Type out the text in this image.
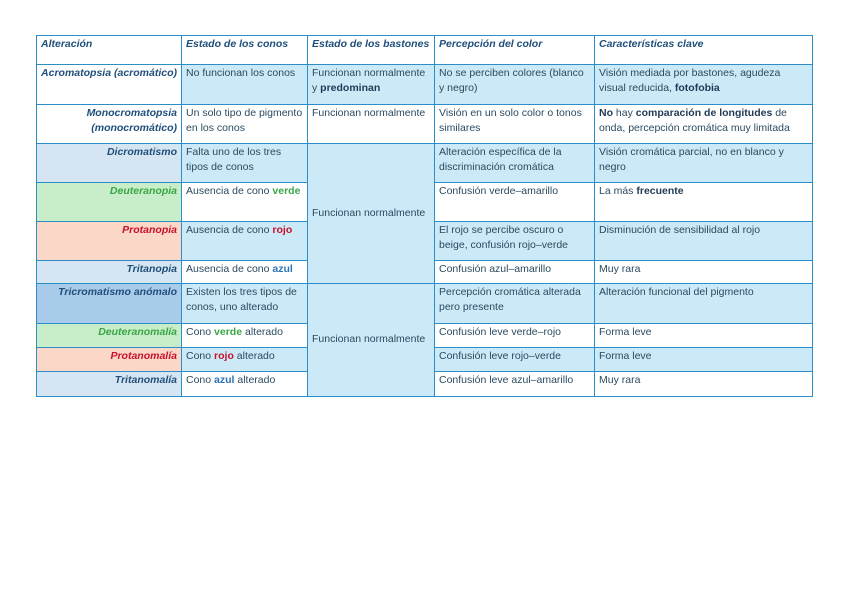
Alteración	Estado de los conos	Estado de los bastones	Percepción del color	Características clave
Acromatopsia (acromático)	No funcionan los conos	Funcionan normalmente y predominan	No se perciben colores (blanco y negro)	Visión mediada por bastones, agudeza visual reducida, fotofobia
Monocromatopsia (monocromático)	Un solo tipo de pigmento en los conos	Funcionan normalmente	Visión en un solo color o tonos similares	No hay comparación de longitudes de onda, percepción cromática muy limitada
Dicromatismo	Falta uno de los tres tipos de conos	Funcionan normalmente	Alteración específica de la discriminación cromática	Visión cromática parcial, no en blanco y negro
Deuteranopia	Ausencia de cono verde		Confusión verde–amarillo	La más frecuente
Protanopia	Ausencia de cono rojo		El rojo se percibe oscuro o beige, confusión rojo–verde	Disminución de sensibilidad al rojo
Tritanopia	Ausencia de cono azul		Confusión azul–amarillo	Muy rara
Tricromatismo anómalo	Existen los tres tipos de conos, uno alterado	Funcionan normalmente	Percepción cromática alterada pero presente	Alteración funcional del pigmento
Deuteranomalía	Cono verde alterado		Confusión leve verde–rojo	Forma leve
Protanomalía	Cono rojo alterado		Confusión leve rojo–verde	Forma leve
Tritanomalía	Cono azul alterado		Confusión leve azul–amarillo	Muy rara
